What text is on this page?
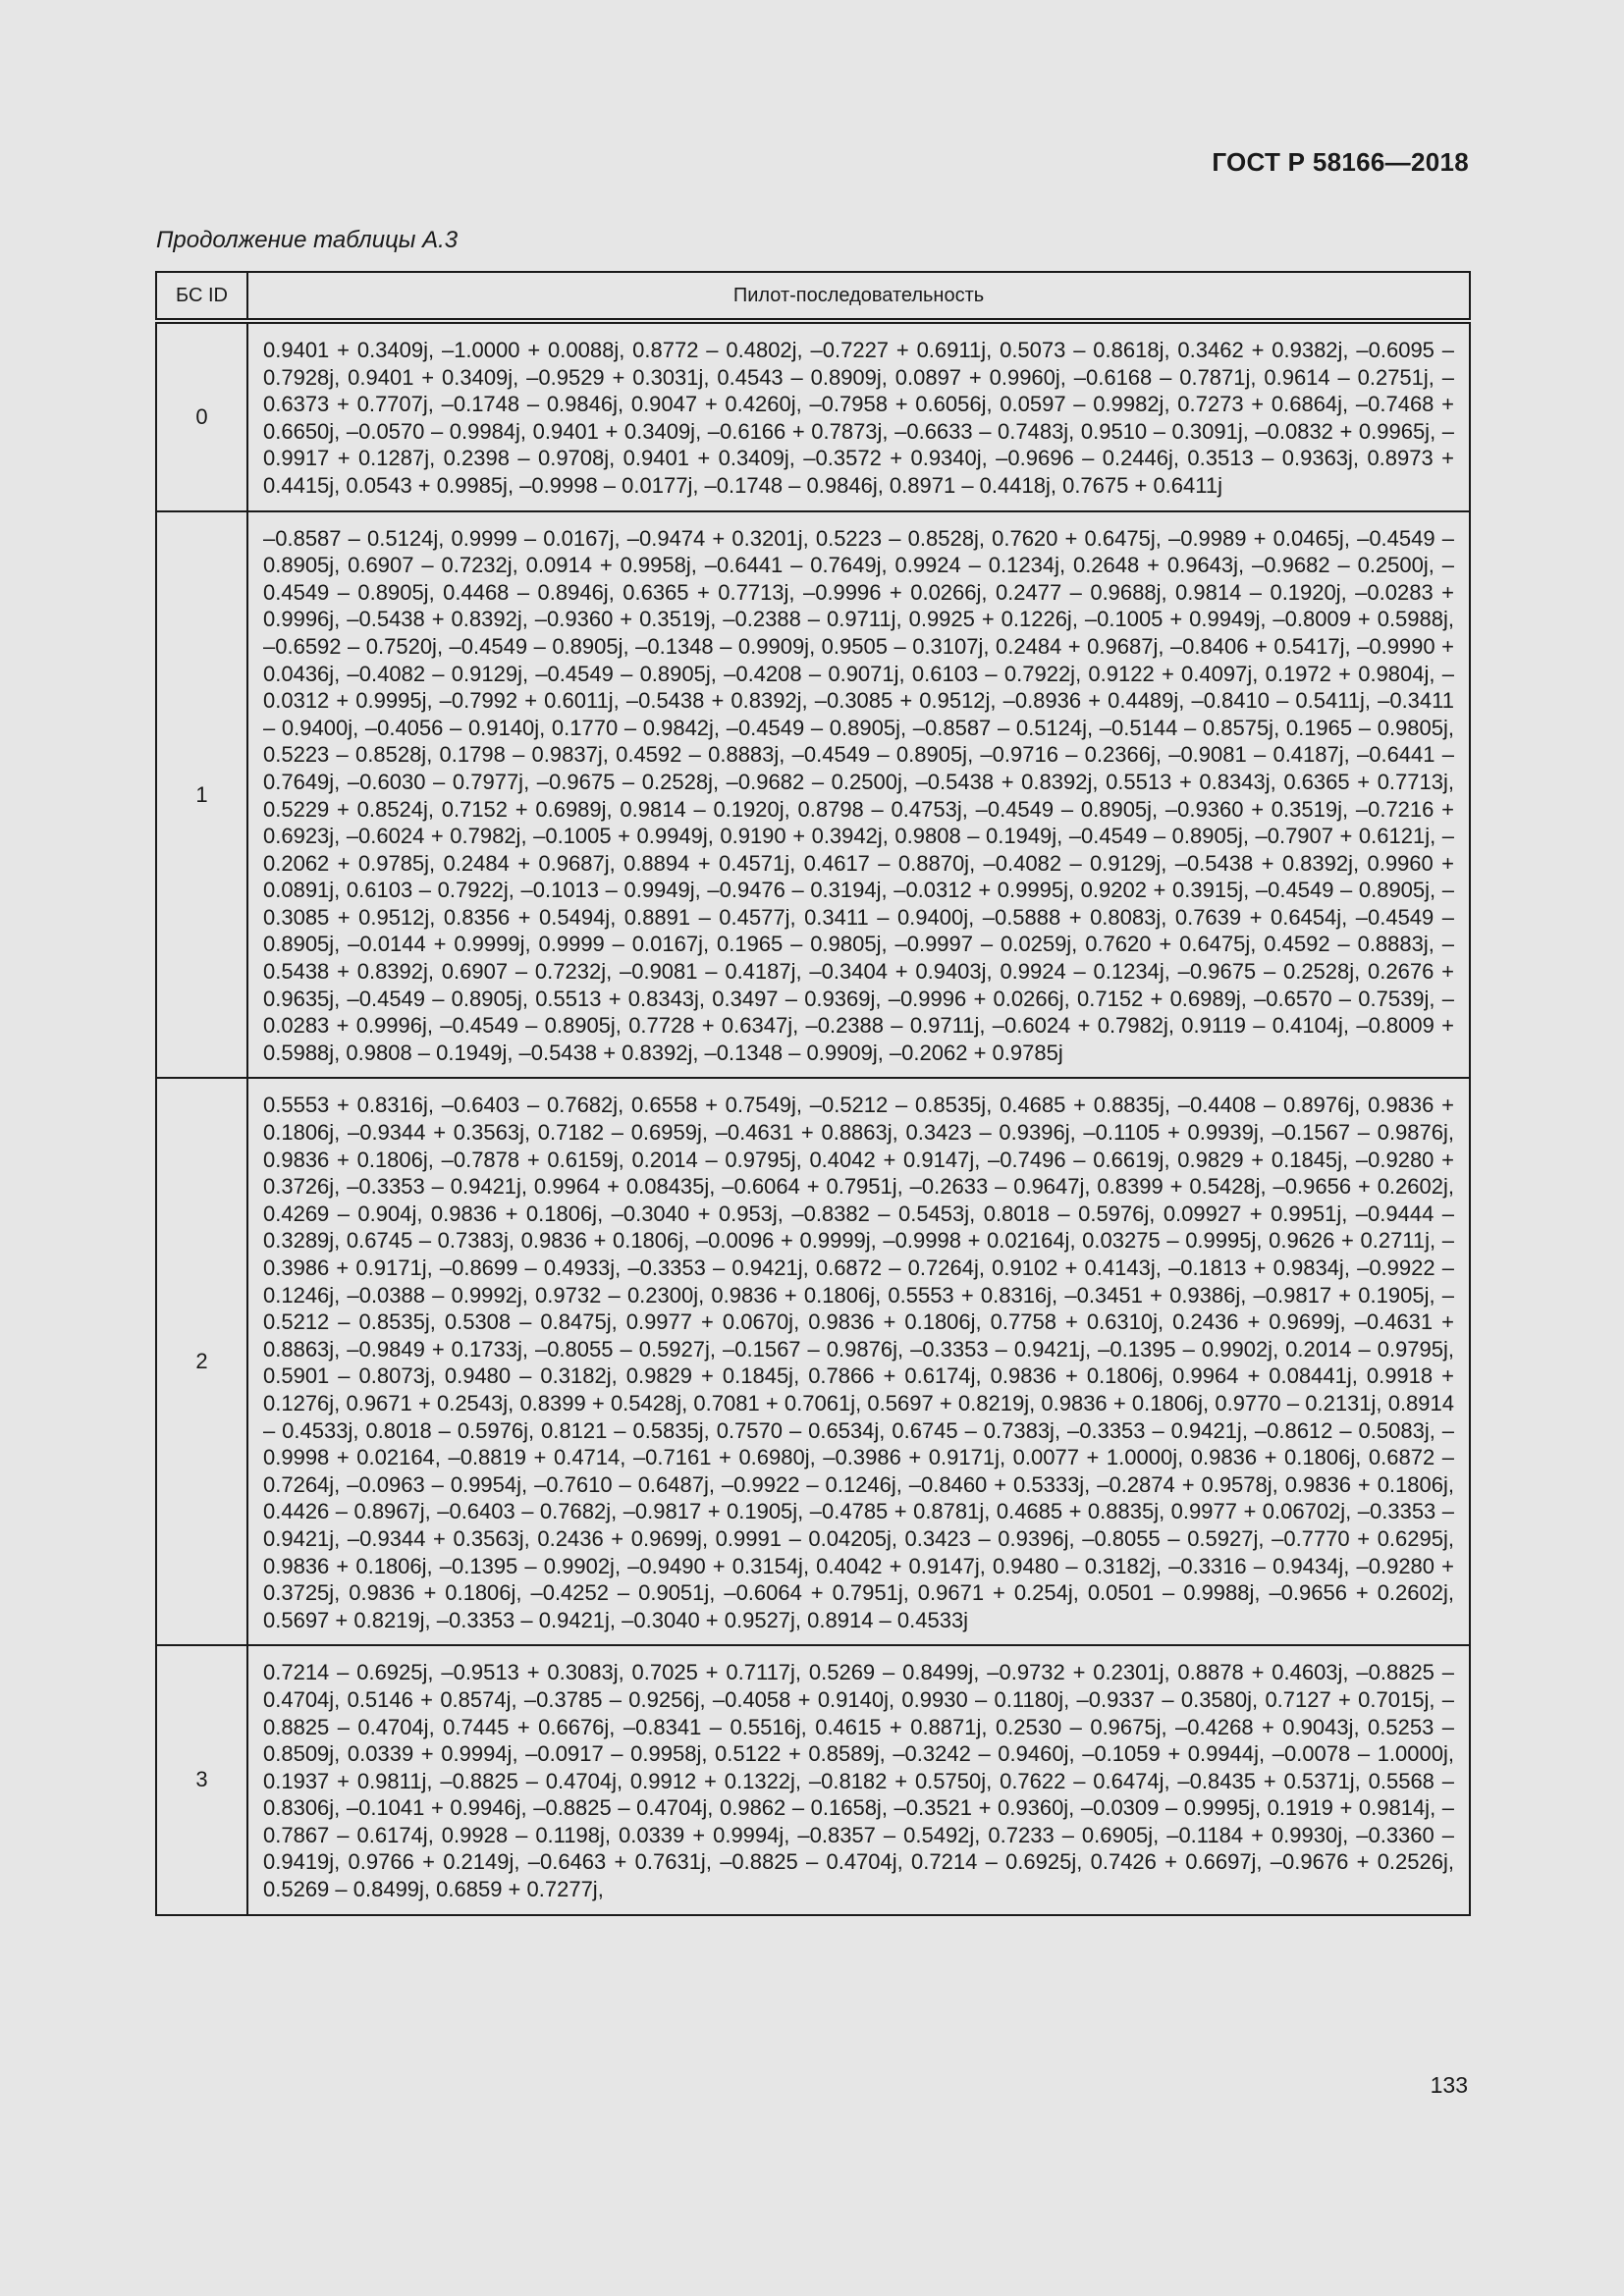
ГОСТ Р 58166—2018
Продолжение таблицы А.3
БС ID	Пилот-последовательность
0	0.9401 + 0.3409j, –1.0000 + 0.0088j, 0.8772 – 0.4802j, –0.7227 + 0.6911j, 0.5073 – 0.8618j, 0.3462 + 0.9382j, –0.6095 – 0.7928j, 0.9401 + 0.3409j, –0.9529 + 0.3031j, 0.4543 – 0.8909j, 0.0897 + 0.9960j, –0.6168 – 0.7871j, 0.9614 – 0.2751j, –0.6373 + 0.7707j, –0.1748 – 0.9846j, 0.9047 + 0.4260j, –0.7958 + 0.6056j, 0.0597 – 0.9982j, 0.7273 + 0.6864j, –0.7468 + 0.6650j, –0.0570 – 0.9984j, 0.9401 + 0.3409j, –0.6166 + 0.7873j, –0.6633 – 0.7483j, 0.9510 – 0.3091j, –0.0832 + 0.9965j, –0.9917 + 0.1287j, 0.2398 – 0.9708j, 0.9401 + 0.3409j, –0.3572 + 0.9340j, –0.9696 – 0.2446j, 0.3513 – 0.9363j, 0.8973 + 0.4415j, 0.0543 + 0.9985j, –0.9998 – 0.0177j, –0.1748 – 0.9846j, 0.8971 – 0.4418j, 0.7675 + 0.6411j
1	–0.8587 – 0.5124j, 0.9999 – 0.0167j, –0.9474 + 0.3201j, 0.5223 – 0.8528j, 0.7620 + 0.6475j, –0.9989 + 0.0465j, –0.4549 – 0.8905j, 0.6907 – 0.7232j, 0.0914 + 0.9958j, –0.6441 – 0.7649j, 0.9924 – 0.1234j, 0.2648 + 0.9643j, –0.9682 – 0.2500j, –0.4549 – 0.8905j, 0.4468 – 0.8946j, 0.6365 + 0.7713j, –0.9996 + 0.0266j, 0.2477 – 0.9688j, 0.9814 – 0.1920j, –0.0283 + 0.9996j, –0.5438 + 0.8392j, –0.9360 + 0.3519j, –0.2388 – 0.9711j, 0.9925 + 0.1226j, –0.1005 + 0.9949j, –0.8009 + 0.5988j, –0.6592 – 0.7520j, –0.4549 – 0.8905j, –0.1348 – 0.9909j, 0.9505 – 0.3107j, 0.2484 + 0.9687j, –0.8406 + 0.5417j, –0.9990 + 0.0436j, –0.4082 – 0.9129j, –0.4549 – 0.8905j, –0.4208 – 0.9071j, 0.6103 – 0.7922j, 0.9122 + 0.4097j, 0.1972 + 0.9804j, –0.0312 + 0.9995j, –0.7992 + 0.6011j, –0.5438 + 0.8392j, –0.3085 + 0.9512j, –0.8936 + 0.4489j, –0.8410 – 0.5411j, –0.3411 – 0.9400j, –0.4056 – 0.9140j, 0.1770 – 0.9842j, –0.4549 – 0.8905j, –0.8587 – 0.5124j, –0.5144 – 0.8575j, 0.1965 – 0.9805j, 0.5223 – 0.8528j, 0.1798 – 0.9837j, 0.4592 – 0.8883j, –0.4549 – 0.8905j, –0.9716 – 0.2366j, –0.9081 – 0.4187j, –0.6441 – 0.7649j, –0.6030 – 0.7977j, –0.9675 – 0.2528j, –0.9682 – 0.2500j, –0.5438 + 0.8392j, 0.5513 + 0.8343j, 0.6365 + 0.7713j, 0.5229 + 0.8524j, 0.7152 + 0.6989j, 0.9814 – 0.1920j, 0.8798 – 0.4753j, –0.4549 – 0.8905j, –0.9360 + 0.3519j, –0.7216 + 0.6923j, –0.6024 + 0.7982j, –0.1005 + 0.9949j, 0.9190 + 0.3942j, 0.9808 – 0.1949j, –0.4549 – 0.8905j, –0.7907 + 0.6121j, –0.2062 + 0.9785j, 0.2484 + 0.9687j, 0.8894 + 0.4571j, 0.4617 – 0.8870j, –0.4082 – 0.9129j, –0.5438 + 0.8392j, 0.9960 + 0.0891j, 0.6103 – 0.7922j, –0.1013 – 0.9949j, –0.9476 – 0.3194j, –0.0312 + 0.9995j, 0.9202 + 0.3915j, –0.4549 – 0.8905j, –0.3085 + 0.9512j, 0.8356 + 0.5494j, 0.8891 – 0.4577j, 0.3411 – 0.9400j, –0.5888 + 0.8083j, 0.7639 + 0.6454j, –0.4549 – 0.8905j, –0.0144 + 0.9999j, 0.9999 – 0.0167j, 0.1965 – 0.9805j, –0.9997 – 0.0259j, 0.7620 + 0.6475j, 0.4592 – 0.8883j, –0.5438 + 0.8392j, 0.6907 – 0.7232j, –0.9081 – 0.4187j, –0.3404 + 0.9403j, 0.9924 – 0.1234j, –0.9675 – 0.2528j, 0.2676 + 0.9635j, –0.4549 – 0.8905j, 0.5513 + 0.8343j, 0.3497 – 0.9369j, –0.9996 + 0.0266j, 0.7152 + 0.6989j, –0.6570 – 0.7539j, –0.0283 + 0.9996j, –0.4549 – 0.8905j, 0.7728 + 0.6347j, –0.2388 – 0.9711j, –0.6024 + 0.7982j, 0.9119 – 0.4104j, –0.8009 + 0.5988j, 0.9808 – 0.1949j, –0.5438 + 0.8392j, –0.1348 – 0.9909j, –0.2062 + 0.9785j
2	0.5553 + 0.8316j, –0.6403 – 0.7682j, 0.6558 + 0.7549j, –0.5212 – 0.8535j, 0.4685 + 0.8835j, –0.4408 – 0.8976j, 0.9836 + 0.1806j, –0.9344 + 0.3563j, 0.7182 – 0.6959j, –0.4631 + 0.8863j, 0.3423 – 0.9396j, –0.1105 + 0.9939j, –0.1567 – 0.9876j, 0.9836 + 0.1806j, –0.7878 + 0.6159j, 0.2014 – 0.9795j, 0.4042 + 0.9147j, –0.7496 – 0.6619j, 0.9829 + 0.1845j, –0.9280 + 0.3726j, –0.3353 – 0.9421j, 0.9964 + 0.08435j, –0.6064 + 0.7951j, –0.2633 – 0.9647j, 0.8399 + 0.5428j, –0.9656 + 0.2602j, 0.4269 – 0.904j, 0.9836 + 0.1806j, –0.3040 + 0.953j, –0.8382 – 0.5453j, 0.8018 – 0.5976j, 0.09927 + 0.9951j, –0.9444 – 0.3289j, 0.6745 – 0.7383j, 0.9836 + 0.1806j, –0.0096 + 0.9999j, –0.9998 + 0.02164j, 0.03275 – 0.9995j, 0.9626 + 0.2711j, –0.3986 + 0.9171j, –0.8699 – 0.4933j, –0.3353 – 0.9421j, 0.6872 – 0.7264j, 0.9102 + 0.4143j, –0.1813 + 0.9834j, –0.9922 – 0.1246j, –0.0388 – 0.9992j, 0.9732 – 0.2300j, 0.9836 + 0.1806j, 0.5553 + 0.8316j, –0.3451 + 0.9386j, –0.9817 + 0.1905j, –0.5212 – 0.8535j, 0.5308 – 0.8475j, 0.9977 + 0.0670j, 0.9836 + 0.1806j, 0.7758 + 0.6310j, 0.2436 + 0.9699j, –0.4631 + 0.8863j, –0.9849 + 0.1733j, –0.8055 – 0.5927j, –0.1567 – 0.9876j, –0.3353 – 0.9421j, –0.1395 – 0.9902j, 0.2014 – 0.9795j, 0.5901 – 0.8073j, 0.9480 – 0.3182j, 0.9829 + 0.1845j, 0.7866 + 0.6174j, 0.9836 + 0.1806j, 0.9964 + 0.08441j, 0.9918 + 0.1276j, 0.9671 + 0.2543j, 0.8399 + 0.5428j, 0.7081 + 0.7061j, 0.5697 + 0.8219j, 0.9836 + 0.1806j, 0.9770 – 0.2131j, 0.8914 – 0.4533j, 0.8018 – 0.5976j, 0.8121 – 0.5835j, 0.7570 – 0.6534j, 0.6745 – 0.7383j, –0.3353 – 0.9421j, –0.8612 – 0.5083j, –0.9998 + 0.02164, –0.8819 + 0.4714, –0.7161 + 0.6980j, –0.3986 + 0.9171j, 0.0077 + 1.0000j, 0.9836 + 0.1806j, 0.6872 – 0.7264j, –0.0963 – 0.9954j, –0.7610 – 0.6487j, –0.9922 – 0.1246j, –0.8460 + 0.5333j, –0.2874 + 0.9578j, 0.9836 + 0.1806j, 0.4426 – 0.8967j, –0.6403 – 0.7682j, –0.9817 + 0.1905j, –0.4785 + 0.8781j, 0.4685 + 0.8835j, 0.9977 + 0.06702j, –0.3353 – 0.9421j, –0.9344 + 0.3563j, 0.2436 + 0.9699j, 0.9991 – 0.04205j, 0.3423 – 0.9396j, –0.8055 – 0.5927j, –0.7770 + 0.6295j, 0.9836 + 0.1806j, –0.1395 – 0.9902j, –0.9490 + 0.3154j, 0.4042 + 0.9147j, 0.9480 – 0.3182j, –0.3316 – 0.9434j, –0.9280 + 0.3725j, 0.9836 + 0.1806j, –0.4252 – 0.9051j, –0.6064 + 0.7951j, 0.9671 + 0.254j, 0.0501 – 0.9988j, –0.9656 + 0.2602j, 0.5697 + 0.8219j, –0.3353 – 0.9421j, –0.3040 + 0.9527j, 0.8914 – 0.4533j
3	0.7214 – 0.6925j, –0.9513 + 0.3083j, 0.7025 + 0.7117j, 0.5269 – 0.8499j, –0.9732 + 0.2301j, 0.8878 + 0.4603j, –0.8825 – 0.4704j, 0.5146 + 0.8574j, –0.3785 – 0.9256j, –0.4058 + 0.9140j, 0.9930 – 0.1180j, –0.9337 – 0.3580j, 0.7127 + 0.7015j, –0.8825 – 0.4704j, 0.7445 + 0.6676j, –0.8341 – 0.5516j, 0.4615 + 0.8871j, 0.2530 – 0.9675j, –0.4268 + 0.9043j, 0.5253 – 0.8509j, 0.0339 + 0.9994j, –0.0917 – 0.9958j, 0.5122 + 0.8589j, –0.3242 – 0.9460j, –0.1059 + 0.9944j, –0.0078 – 1.0000j, 0.1937 + 0.9811j, –0.8825 – 0.4704j, 0.9912 + 0.1322j, –0.8182 + 0.5750j, 0.7622 – 0.6474j, –0.8435 + 0.5371j, 0.5568 – 0.8306j, –0.1041 + 0.9946j, –0.8825 – 0.4704j, 0.9862 – 0.1658j, –0.3521 + 0.9360j, –0.0309 – 0.9995j, 0.1919 + 0.9814j, –0.7867 – 0.6174j, 0.9928 – 0.1198j, 0.0339 + 0.9994j, –0.8357 – 0.5492j, 0.7233 – 0.6905j, –0.1184 + 0.9930j, –0.3360 – 0.9419j, 0.9766 + 0.2149j, –0.6463 + 0.7631j, –0.8825 – 0.4704j, 0.7214 – 0.6925j, 0.7426 + 0.6697j, –0.9676 + 0.2526j, 0.5269 – 0.8499j, 0.6859 + 0.7277j,
133
